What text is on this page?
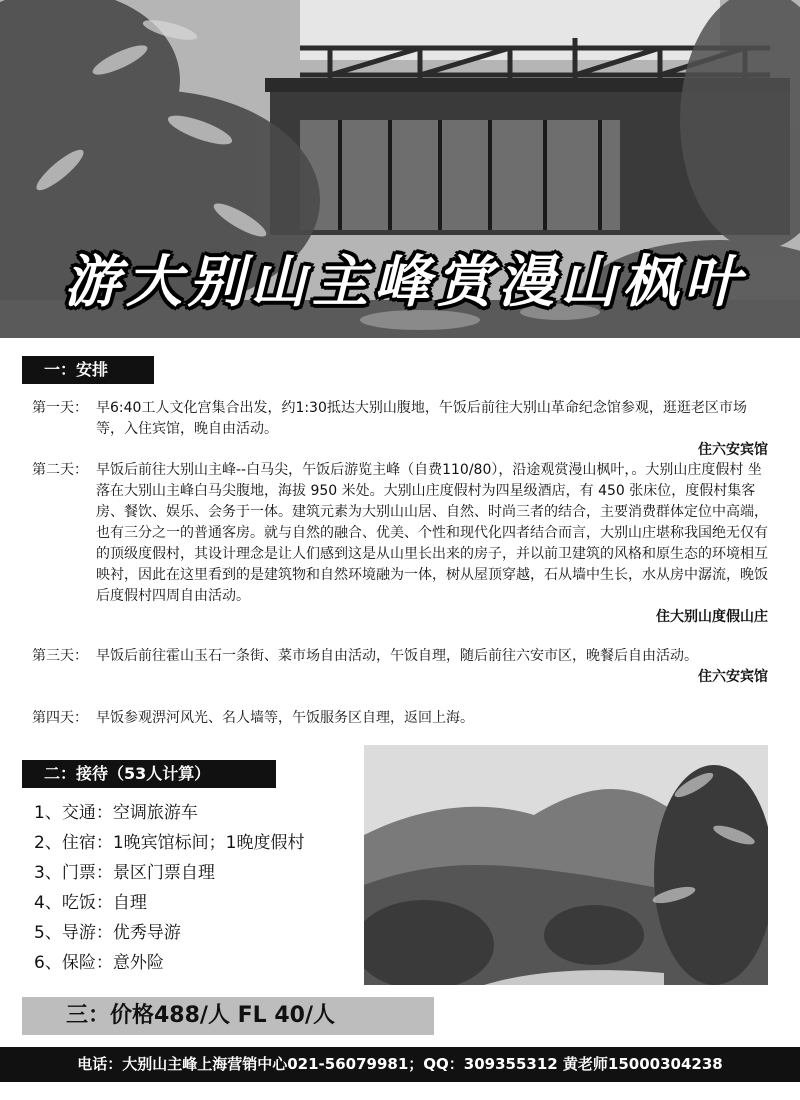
游大别山主峰赏漫山枫叶
一：安排
第一天： 早6:40工人文化宫集合出发，约1:30抵达大别山腹地，午饭后前往大别山革命纪念馆参观，逛逛老区市场等，入住宾馆，晚自由活动。
住六安宾馆
第二天： 早饭后前往大别山主峰--白马尖，午饭后游览主峰（自费110/80），沿途观赏漫山枫叶，。大别山庄度假村 坐落在大别山主峰白马尖腹地，海拔 950 米处。大别山庄度假村为四星级酒店，有 450 张床位，度假村集客房、餐饮、娱乐、会务于一体。建筑元素为大别山山居、自然、时尚三者的结合，主要消费群体定位中高端，也有三分之一的普通客房。就与自然的融合、优美、个性和现代化四者结合而言，大别山庄堪称我国绝无仅有的顶级度假村，其设计理念是让人们感到这是从山里长出来的房子，并以前卫建筑的风格和原生态的环境相互映衬，因此在这里看到的是建筑物和自然环境融为一体，树从屋顶穿越，石从墙中生长，水从房中潺流，晚饭后度假村四周自由活动。
住大别山度假山庄
第三天： 早饭后前往霍山玉石一条街、菜市场自由活动，午饭自理，随后前往六安市区，晚餐后自由活动。
住六安宾馆
第四天： 早饭参观淠河风光、名人墙等，午饭服务区自理，返回上海。
二：接待（53人计算）
1、交通：空调旅游车
2、住宿：1晚宾馆标间；1晚度假村
3、门票：景区门票自理
4、吃饭：自理
5、导游：优秀导游
6、保险：意外险
三：价格488/人 FL 40/人
电话：大别山主峰上海营销中心021-56079981；QQ：309355312 黄老师15000304238
